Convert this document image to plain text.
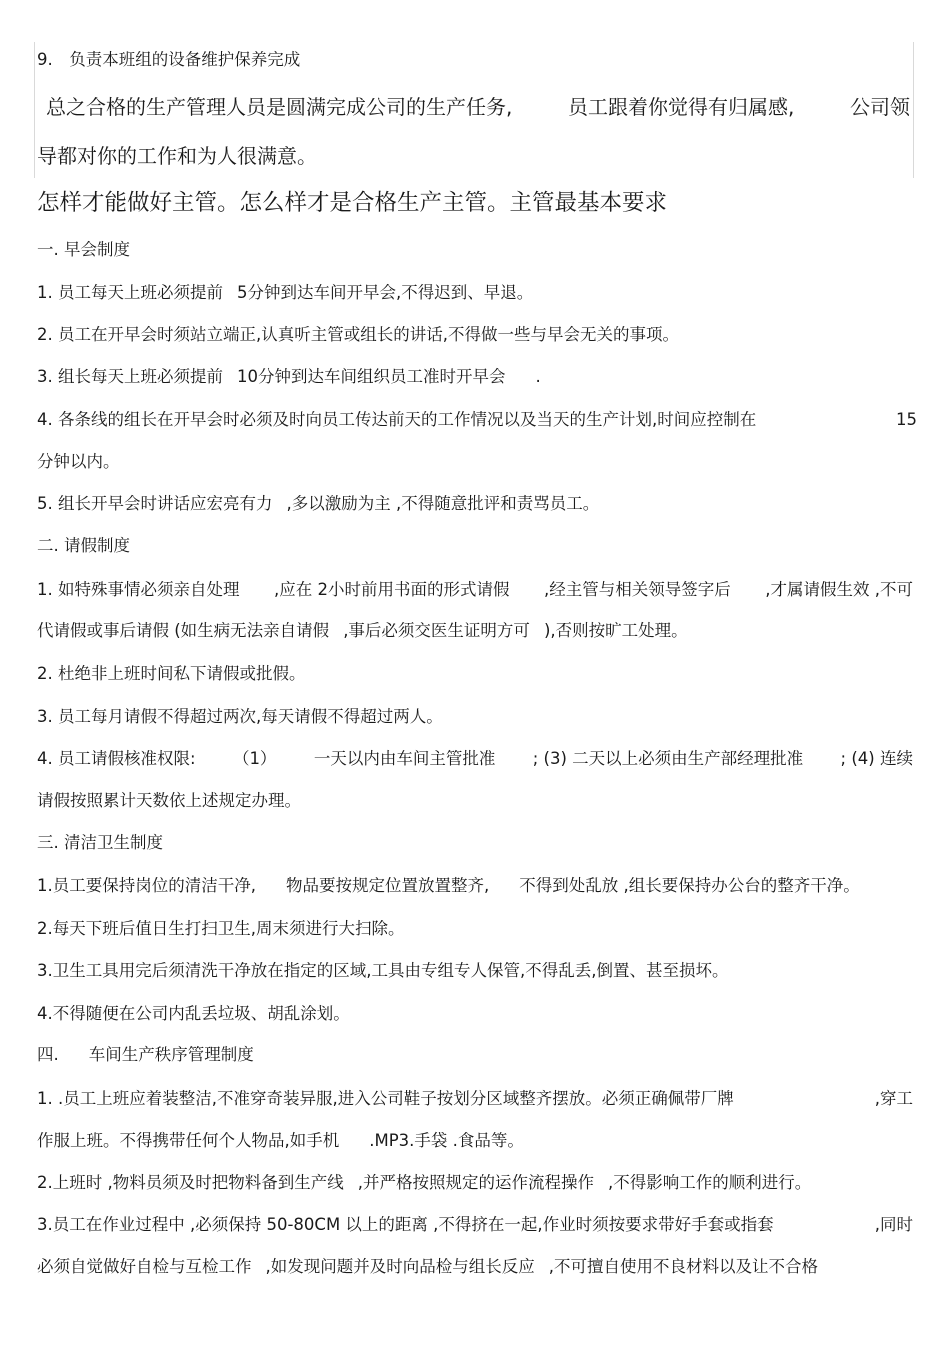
9.　负责本班组的设备维护保养完成
总之合格的生产管理人员是圆满完成公司的生产任务,	员工跟着你觉得有归属感,	公司领
导都对你的工作和为人很满意。
怎样才能做好主管。怎么样才是合格生产主管。主管最基本要求
一. 早会制度
1. 员工每天上班必须提前 5分钟到达车间开早会,不得迟到、早退。
2. 员工在开早会时须站立端正,认真听主管或组长的讲话,不得做一些与早会无关的事项。
3. 组长每天上班必须提前 10分钟到达车间组织员工准时开早会 .
4. 各条线的组长在开早会时必须及时向员工传达前天的工作情况以及当天的生产计划,时间应控制在	15
分钟以内。
5. 组长开早会时讲话应宏亮有力 ,多以激励为主 ,不得随意批评和责骂员工。
二. 请假制度
1. 如特殊事情必须亲自处理 ,应在 2小时前用书面的形式请假 ,经主管与相关领导签字后 ,才属请假生效 ,不可
代请假或事后请假 (如生病无法亲自请假 ,事后必须交医生证明方可 ),否则按旷工处理。
2. 杜绝非上班时间私下请假或批假。
3. 员工每月请假不得超过两次,每天请假不得超过两人。
4. 员工请假核准权限: （1） 一天以内由车间主管批准 ; (3) 二天以上必须由生产部经理批准 ; (4) 连续
请假按照累计天数依上述规定办理。
三. 清洁卫生制度
1.员工要保持岗位的清洁干净, 物品要按规定位置放置整齐, 不得到处乱放 ,组长要保持办公台的整齐干净。
2.每天下班后值日生打扫卫生,周末须进行大扫除。
3.卫生工具用完后须清洗干净放在指定的区域,工具由专组专人保管,不得乱丢,倒置、甚至损坏。
4.不得随便在公司内乱丢垃圾、胡乱涂划。
四. 车间生产秩序管理制度
1. .员工上班应着装整洁,不准穿奇装异服,进入公司鞋子按划分区域整齐摆放。必须正确佩带厂牌	,穿工
作服上班。不得携带任何个人物品,如手机 .MP3.手袋 .食品等。
2.上班时 ,物料员须及时把物料备到生产线 ,并严格按照规定的运作流程操作 ,不得影响工作的顺利进行。
3.员工在作业过程中 ,必须保持 50-80CM 以上的距离 ,不得挤在一起,作业时须按要求带好手套或指套	,同时
必须自觉做好自检与互检工作 ,如发现问题并及时向品检与组长反应 ,不可擅自使用不良材料以及让不合格
